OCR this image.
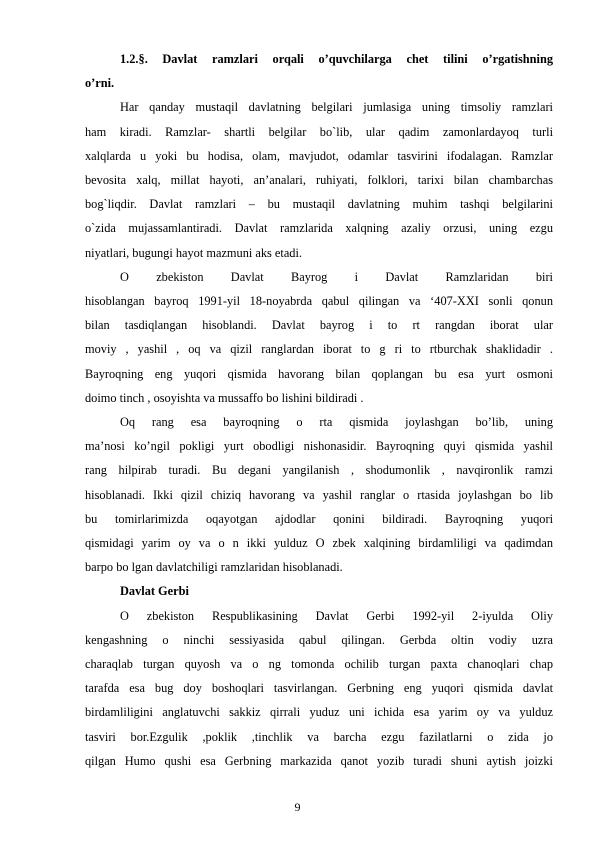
1.2.§. Davlat ramzlari orqali o’quvchilarga chet tilini o’rgatishning
o’rni.

Har qanday mustaqil davlatning belgilari jumlasiga uning timsoliy ramzlari
ham kiradi. Ramzlar- shartli belgilar bo`lib, ular qadim zamonlardayoq turli
xalqlarda u yoki bu hodisa, olam, mavjudot, odamlar tasvirini ifodalagan. Ramzlar
bevosita xalq, millat hayoti, an’analari, ruhiyati, folklori, tarixi bilan chambarchas
bog`liqdir. Davlat ramzlari – bu mustaqil davlatning muhim tashqi belgilarini
o`zida mujassamlantiradi. Davlat ramzlarida xalqning azaliy orzusi, uning ezgu
niyatlari, bugungi hayot mazmuni aks etadi.

O zbekiston Davlat Bayrog i Davlat Ramzlaridan biri
hisoblangan bayroq 1991-yil 18-noyabrda qabul qilingan va ‘407-XXI sonli qonun
bilan tasdiqlangan hisoblandi. Davlat bayrog i to rt rangdan iborat ular
moviy , yashil , oq va qizil ranglardan iborat to g ri to rtburchak shaklidadir .
Bayroqning eng yuqori qismida havorang bilan qoplangan bu esa yurt osmoni
doimo tinch , osoyishta va mussaffo bo lishini bildiradi .

Oq rang esa bayroqning o rta qismida joylashgan bo’lib, uning
ma’nosi ko’ngil pokligi yurt obodligi nishonasidir. Bayroqning quyi qismida yashil
rang hilpirab turadi. Bu degani yangilanish , shodumonlik , navqironlik ramzi
hisoblanadi. Ikki qizil chiziq havorang va yashil ranglar o rtasida joylashgan bo lib
bu tomirlarimizda oqayotgan ajdodlar qonini bildiradi. Bayroqning yuqori
qismidagi yarim oy va o n ikki yulduz O zbek xalqining birdamliligi va qadimdan
barpo bo lgan davlatchiligi ramzlaridan hisoblanadi.

Davlat Gerbi

O zbekiston Respublikasining Davlat Gerbi 1992-yil 2-iyulda Oliy
kengashning o ninchi sessiyasida qabul qilingan. Gerbda oltin vodiy uzra
charaqlab turgan quyosh va o ng tomonda ochilib turgan paxta chanoqlari chap
tarafda esa bug doy boshoqlari tasvirlangan. Gerbning eng yuqori qismida davlat
birdamliligini anglatuvchi sakkiz qirrali yuduz uni ichida esa yarim oy va yulduz
tasviri bor.Ezgulik ,poklik ,tinchlik va barcha ezgu fazilatlarni o zida jo
qilgan Humo qushi esa Gerbning markazida qanot yozib turadi shuni aytish joizki

9
